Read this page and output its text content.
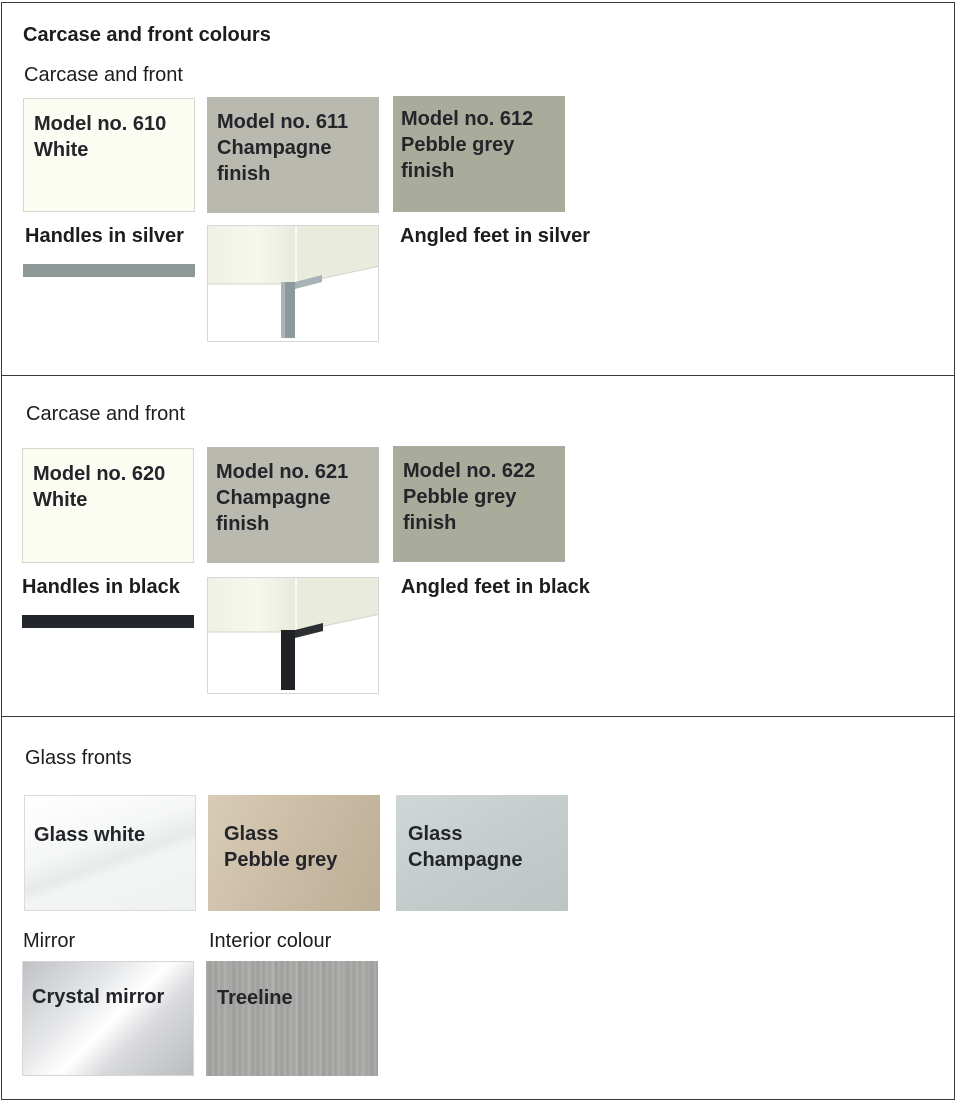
Carcase and front colours
Carcase and front
Model no. 610
White
Model no. 611
Champagne
finish
Model no. 612
Pebble grey
finish
Handles in silver	Angled feet in silver
Carcase and front
Model no. 620
White
Model no. 621
Champagne
finish
Model no. 622
Pebble grey
finish
Handles in black	Angled feet in black
Glass fronts
Glass white	Glass
Pebble grey
Glass
Champagne
Mirror	Interior colour
Crystal mirror	Treeline
